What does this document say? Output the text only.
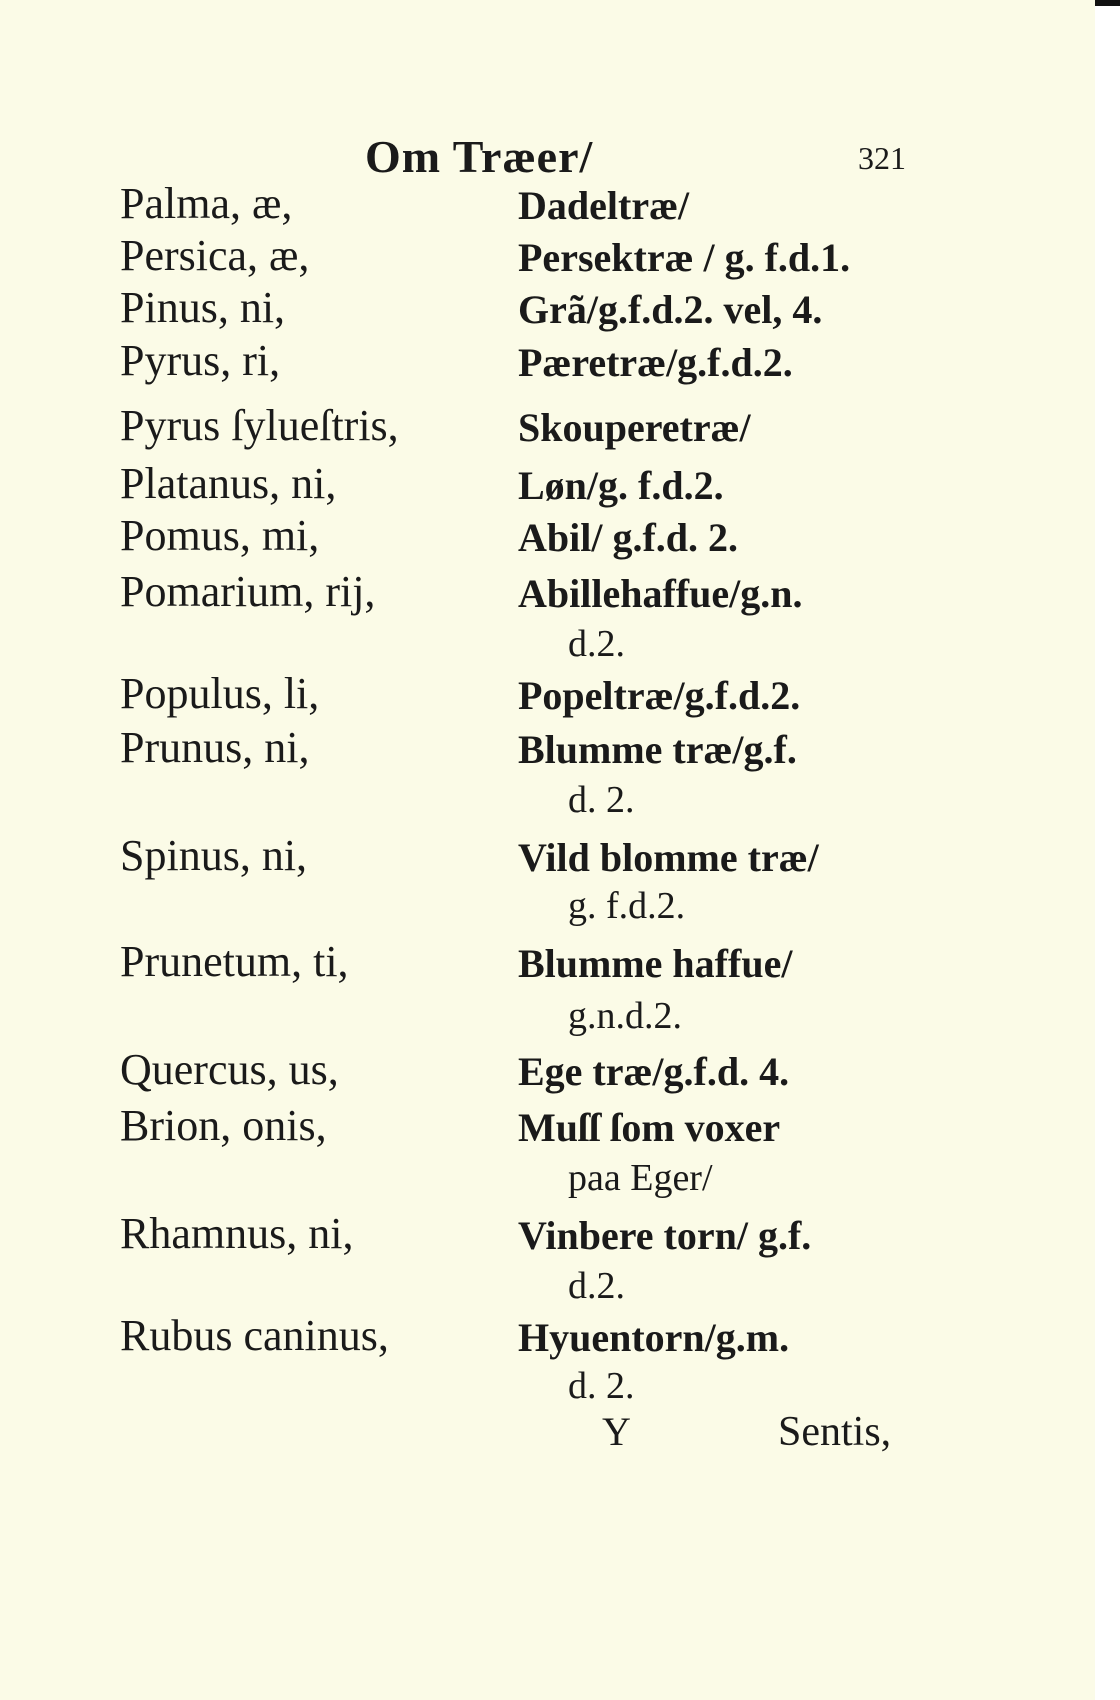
Om Træer/	321
Palma, æ,	Dadeltræ/
Persica, æ,	Persektræ / g. f.d.1.
Pinus, ni,	Grã/g.f.d.2. vel, 4.
Pyrus, ri,	Pæretræ/g.f.d.2.
Pyrus ſylueſtris,	Skouperetræ/
Platanus, ni,	Løn/g. f.d.2.
Pomus, mi,	Abil/ g.f.d. 2.
Pomarium, rij,	Abillehaffue/g.n.
d.2.
Populus, li,	Popeltræ/g.f.d.2.
Prunus, ni,	Blumme træ/g.f.
d. 2.
Spinus, ni,	Vild blomme træ/
g. f.d.2.
Prunetum, ti,	Blumme haffue/
g.n.d.2.
Quercus, us,	Ege træ/g.f.d. 4.
Brion, onis,	Muſſ ſom voxer
paa Eger/
Rhamnus, ni,	Vinbere torn/ g.f.
d.2.
Rubus caninus,	Hyuentorn/g.m.
d. 2.
Y	Sentis,
